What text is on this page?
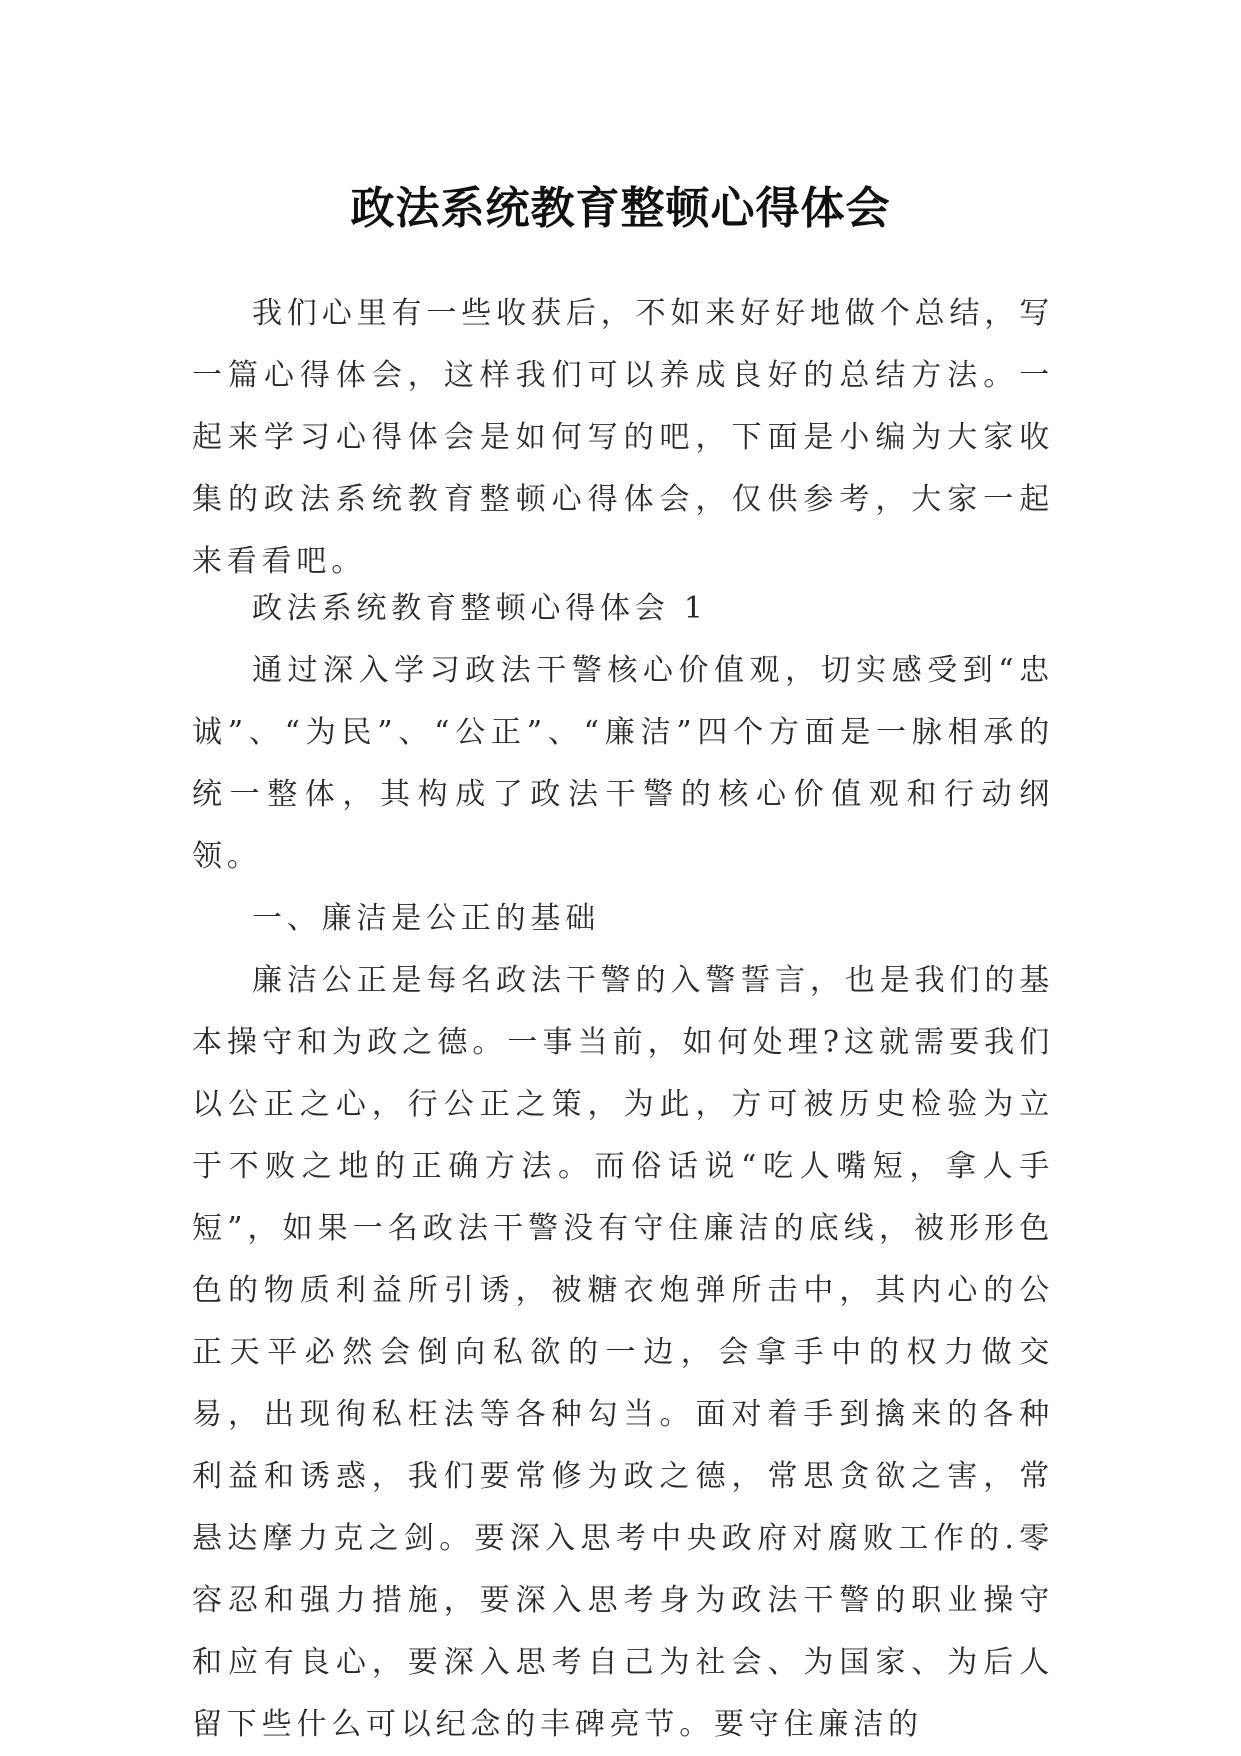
政法系统教育整顿心得体会

我们心里有一些收获后，不如来好好地做个总结，写一篇心得体会，这样我们可以养成良好的总结方法。一起来学习心得体会是如何写的吧，下面是小编为大家收集的政法系统教育整顿心得体会，仅供参考，大家一起来看看吧。

政法系统教育整顿心得体会 1

通过深入学习政法干警核心价值观，切实感受到“忠诚”、“为民”、“公正”、“廉洁”四个方面是一脉相承的统一整体，其构成了政法干警的核心价值观和行动纲领。

一、廉洁是公正的基础

廉洁公正是每名政法干警的入警誓言，也是我们的基本操守和为政之德。一事当前，如何处理?这就需要我们以公正之心，行公正之策，为此，方可被历史检验为立于不败之地的正确方法。而俗话说“吃人嘴短，拿人手短”，如果一名政法干警没有守住廉洁的底线，被形形色色的物质利益所引诱，被糖衣炮弹所击中，其内心的公正天平必然会倒向私欲的一边，会拿手中的权力做交易，出现徇私枉法等各种勾当。面对着手到擒来的各种利益和诱惑，我们要常修为政之德，常思贪欲之害，常悬达摩力克之剑。要深入思考中央政府对腐败工作的.零容忍和强力措施，要深入思考身为政法干警的职业操守和应有良心，要深入思考自己为社会、为国家、为后人留下些什么可以纪念的丰碑亮节。要守住廉洁的
